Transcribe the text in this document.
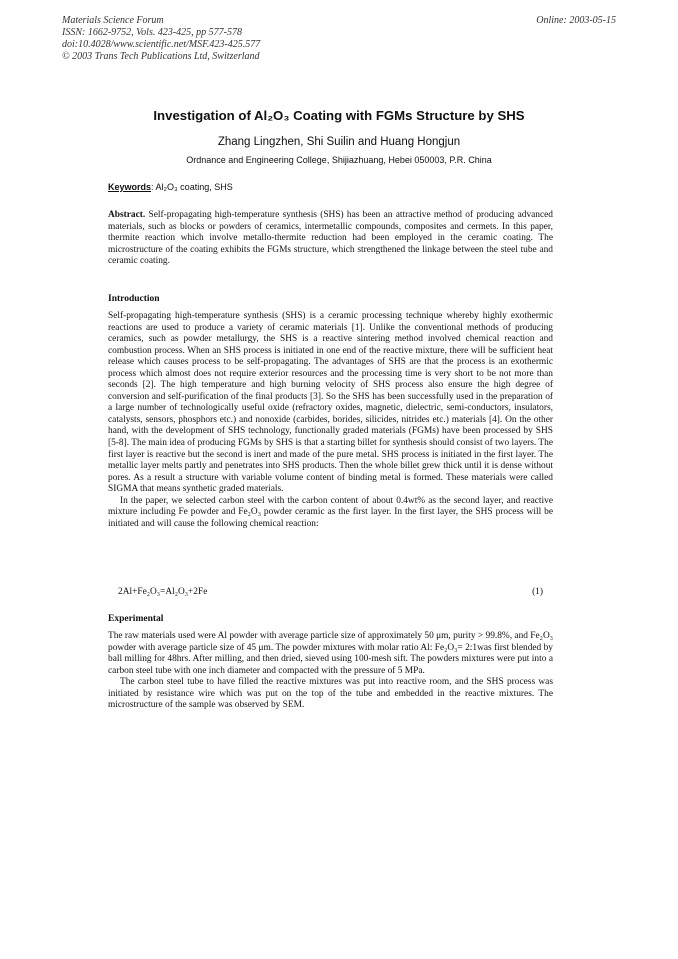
Materials Science Forum
ISSN: 1662-9752, Vols. 423-425, pp 577-578
doi:10.4028/www.scientific.net/MSF.423-425.577
© 2003 Trans Tech Publications Ltd, Switzerland
Online: 2003-05-15
Investigation of Al₂O₃ Coating with FGMs Structure by SHS
Zhang Lingzhen, Shi Suilin and Huang Hongjun
Ordnance and Engineering College, Shijiazhuang, Hebei 050003, P.R. China
Keywords: Al₂O₃ coating, SHS

Abstract. Self-propagating high-temperature synthesis (SHS) has been an attractive method of producing advanced materials, such as blocks or powders of ceramics, intermetallic compounds, composites and cermets. In this paper, thermite reaction which involve metallo-thermite reduction had been employed in the ceramic coating. The microstructure of the coating exhibits the FGMs structure, which strengthened the linkage between the steel tube and ceramic coating.

Introduction

Self-propagating high-temperature synthesis (SHS) is a ceramic processing technique whereby highly exothermic reactions are used to produce a variety of ceramic materials [1]. Unlike the conventional methods of producing ceramics, such as powder metallurgy, the SHS is a reactive sintering method involved chemical reaction and combustion process. When an SHS process is initiated in one end of the reactive mixture, there will be sufficient heat release which causes process to be self-propagating. The advantages of SHS are that the process is an exothermic process which almost does not require exterior resources and the processing time is very short to be not more than seconds [2]. The high temperature and high burning velocity of SHS process also ensure the high degree of conversion and self-purification of the final products [3]. So the SHS has been successfully used in the preparation of a large number of technologically useful oxide (refractory oxides, magnetic, dielectric, semi-conductors, insulators, catalysts, sensors, phosphors etc.) and nonoxide (carbides, borides, silicides, nitrides etc.) materials [4]. On the other hand, with the development of SHS technology, functionally graded materials (FGMs) have been processed by SHS [5-8]. The main idea of producing FGMs by SHS is that a starting billet for synthesis should consist of two layers. The first layer is reactive but the second is inert and made of the pure metal. SHS process is initiated in the first layer. The metallic layer melts partly and penetrates into SHS products. Then the whole billet grew thick until it is dense without pores. As a result a structure with variable volume content of binding metal is formed. These materials were called SIGMA that means synthetic graded materials.

In the paper, we selected carbon steel with the carbon content of about 0.4wt% as the second layer, and reactive mixture including Fe powder and Fe₂O₃ powder ceramic as the first layer. In the first layer, the SHS process will be initiated and will cause the following chemical reaction:

2Al+Fe₂O₃=Al₂O₃+2Fe	(1)
Experimental

The raw materials used were Al powder with average particle size of approximately 50 μm, purity > 99.8%, and Fe₂O₃ powder with average particle size of 45 μm. The powder mixtures with molar ratio Al: Fe₂O₃= 2:1was first blended by ball milling for 48hrs. After milling, and then dried, sieved using 100-mesh sift. The powders mixtures were put into a carbon steel tube with one inch diameter and compacted with the pressure of 5 MPa.

The carbon steel tube to have filled the reactive mixtures was put into reactive room, and the SHS process was initiated by resistance wire which was put on the top of the tube and embedded in the reactive mixtures. The microstructure of the sample was observed by SEM.
